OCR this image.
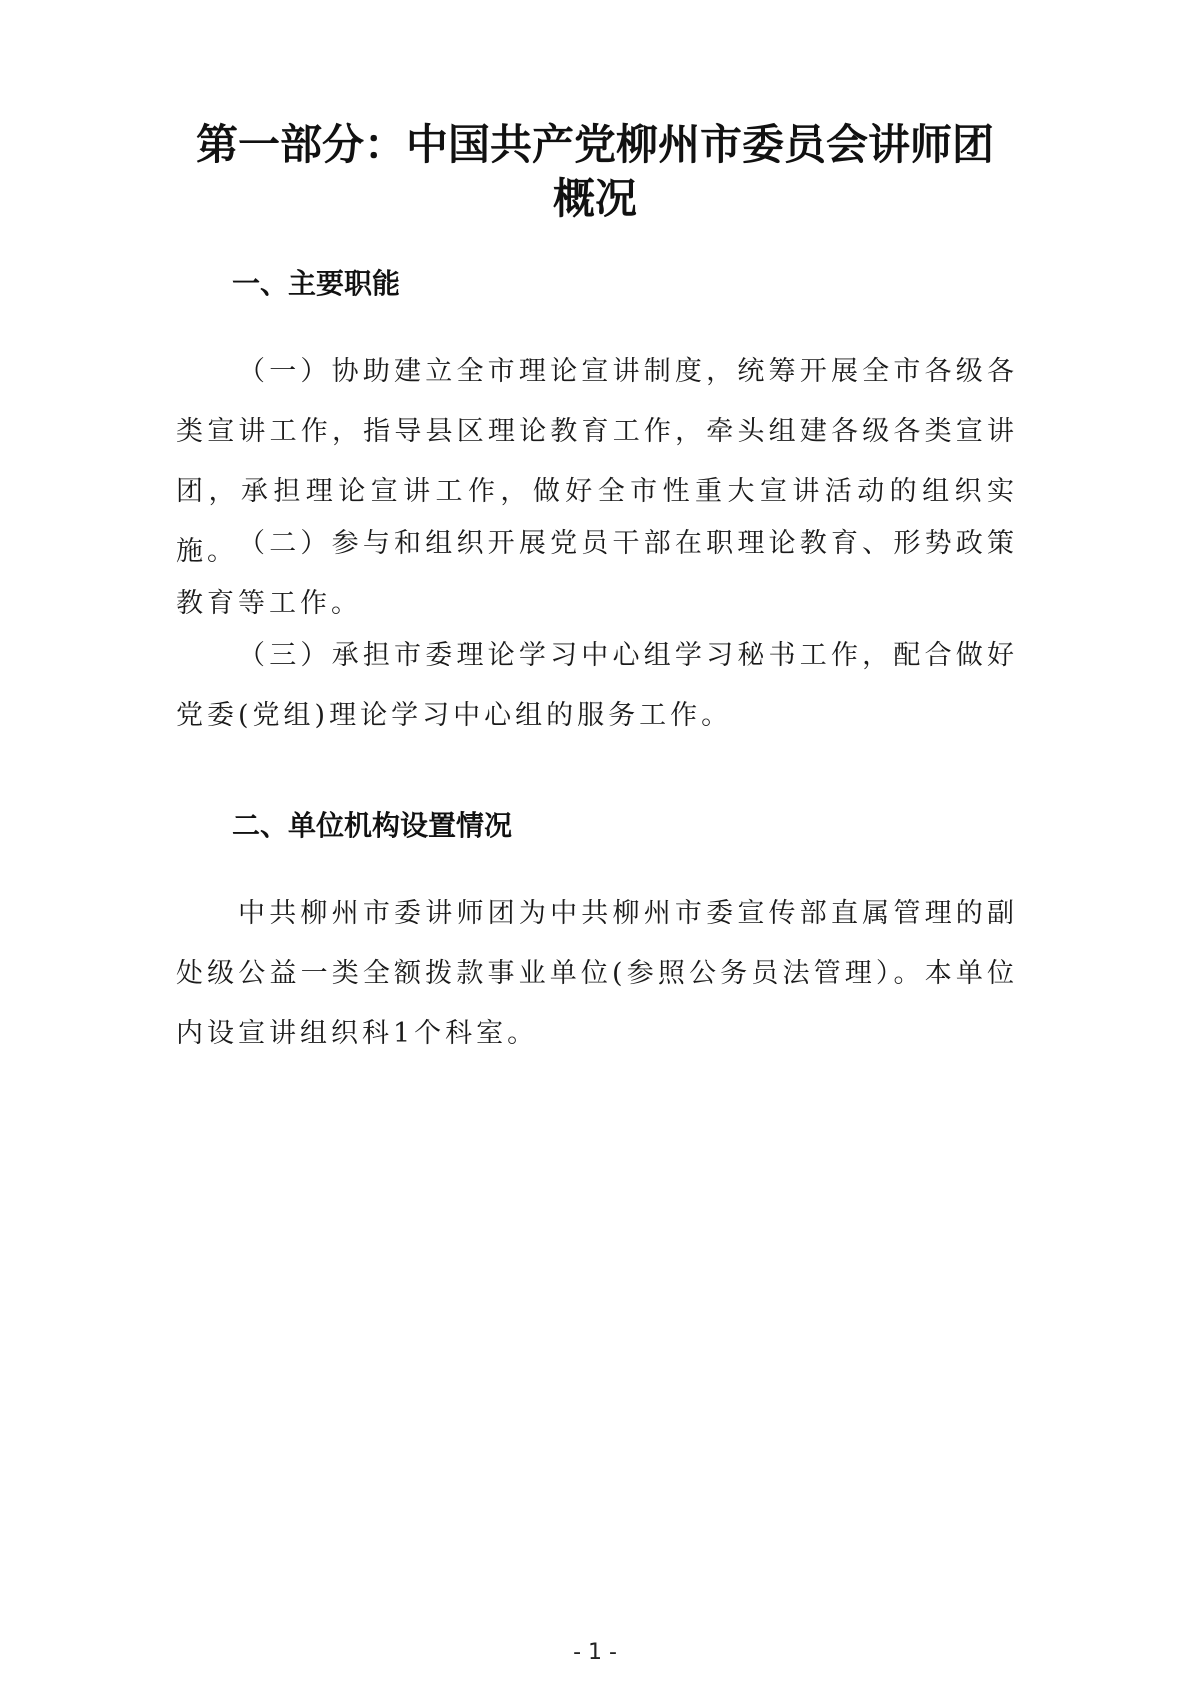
第一部分：中国共产党柳州市委员会讲师团
概况
一、主要职能

（一）协助建立全市理论宣讲制度，统筹开展全市各级各类宣讲工作，指导县区理论教育工作，牵头组建各级各类宣讲团，承担理论宣讲工作，做好全市性重大宣讲活动的组织实施。 （二）参与和组织开展党员干部在职理论教育、形势政策教育等工作。

（三）承担市委理论学习中心组学习秘书工作，配合做好党委(党组)理论学习中心组的服务工作。

二、单位机构设置情况

中共柳州市委讲师团为中共柳州市委宣传部直属管理的副处级公益一类全额拨款事业单位(参照公务员法管理）。本单位内设宣讲组织科1个科室。

- 1 -
